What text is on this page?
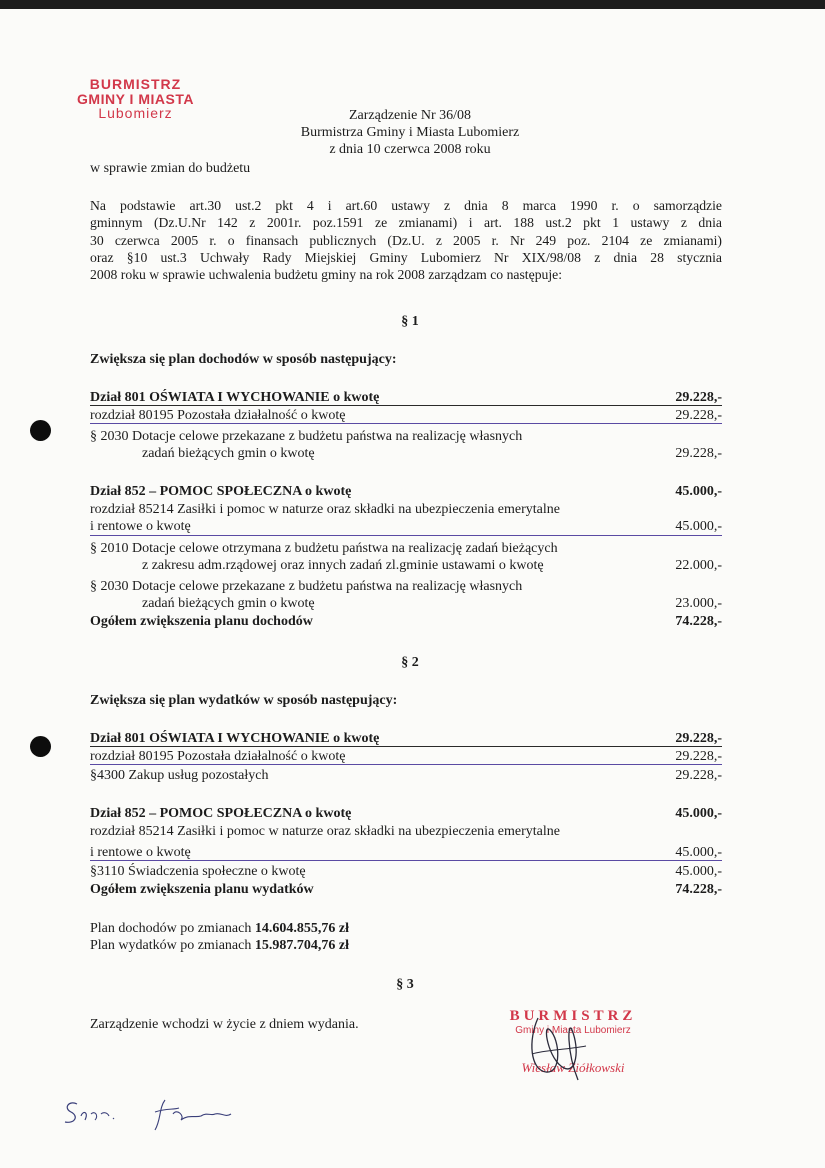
BURMISTRZ
GMINY I MIASTA
Lubomierz	Zarządzenie Nr 36/08
Burmistrza Gminy i Miasta Lubomierz
z dnia 10 czerwca 2008 roku
w sprawie zmian do budżetu
Na podstawie art.30 ust.2 pkt 4 i art.60 ustawy z dnia 8 marca 1990 r. o samorządzie
gminnym (Dz.U.Nr 142 z 2001r. poz.1591 ze zmianami) i art. 188 ust.2 pkt 1 ustawy z dnia
30 czerwca 2005 r. o finansach publicznych (Dz.U. z 2005 r. Nr 249 poz. 2104 ze zmianami)
oraz §10 ust.3 Uchwały Rady Miejskiej Gminy Lubomierz Nr XIX/98/08 z dnia 28 stycznia
2008 roku w sprawie uchwalenia budżetu gminy na rok 2008 zarządzam co następuje:
§ 1
Zwiększa się plan dochodów w sposób następujący:
Dział 801 OŚWIATA I WYCHOWANIE o kwotę	29.228,-
rozdział 80195 Pozostała działalność o kwotę	29.228,-
§ 2030 Dotacje celowe przekazane z budżetu państwa na realizację własnych
zadań bieżących gmin o kwotę	29.228,-
Dział 852 – POMOC SPOŁECZNA o kwotę	45.000,-
rozdział 85214 Zasiłki i pomoc w naturze oraz składki na ubezpieczenia emerytalne
i rentowe o kwotę	45.000,-
§ 2010 Dotacje celowe otrzymana z budżetu państwa na realizację zadań bieżących
z zakresu adm.rządowej oraz innych zadań zl.gminie ustawami o kwotę	22.000,-
§ 2030 Dotacje celowe przekazane z budżetu państwa na realizację własnych
zadań bieżących gmin o kwotę	23.000,-
Ogółem zwiększenia planu dochodów	74.228,-
§ 2
Zwiększa się plan wydatków w sposób następujący:
Dział 801 OŚWIATA I WYCHOWANIE o kwotę	29.228,-
rozdział 80195 Pozostała działalność o kwotę	29.228,-
§4300 Zakup usług pozostałych	29.228,-
Dział 852 – POMOC SPOŁECZNA o kwotę	45.000,-
rozdział 85214 Zasiłki i pomoc w naturze oraz składki na ubezpieczenia emerytalne
i rentowe o kwotę	45.000,-
§3110 Świadczenia społeczne o kwotę	45.000,-
Ogółem zwiększenia planu wydatków	74.228,-
Plan dochodów po zmianach 14.604.855,76 zł
Plan wydatków po zmianach 15.987.704,76 zł
§ 3
Zarządzenie wchodzi w życie z dniem wydania.
BURMISTRZ
Gminy i Miasta Lubomierz
Wiesław Ziółkowski
